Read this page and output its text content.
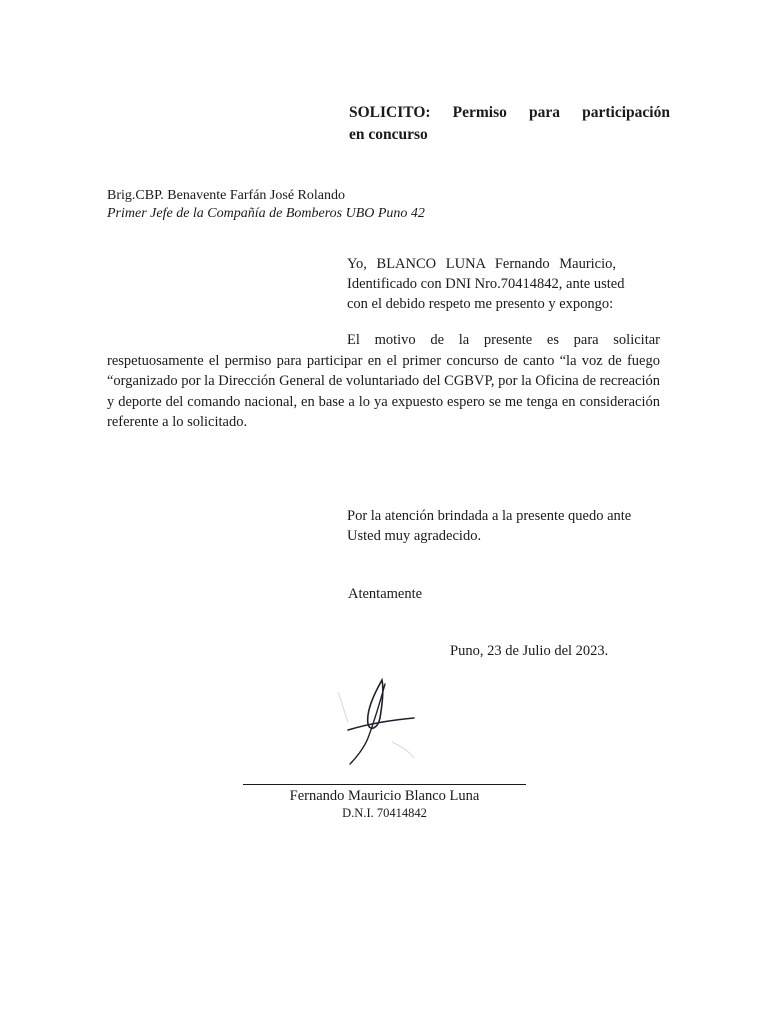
SOLICITO: Permiso para participación
en concurso
Brig.CBP. Benavente Farfán José Rolando
Primer Jefe de la Compañía de Bomberos UBO Puno 42
Yo, BLANCO LUNA Fernando Mauricio,
Identificado con DNI Nro.70414842, ante usted
con el debido respeto me presento y expongo:
El motivo de la presente es para solicitar respetuosamente el permiso para participar en el primer concurso de canto “la voz de fuego “organizado por la Dirección General de voluntariado del CGBVP, por la Oficina de recreación y deporte del comando nacional, en base a lo ya expuesto espero se me tenga en consideración referente a lo solicitado.
Por la atención brindada a la presente quedo ante
Usted muy agradecido.
Atentamente
Puno, 23 de Julio del 2023.
Fernando Mauricio Blanco Luna
D.N.I. 70414842
